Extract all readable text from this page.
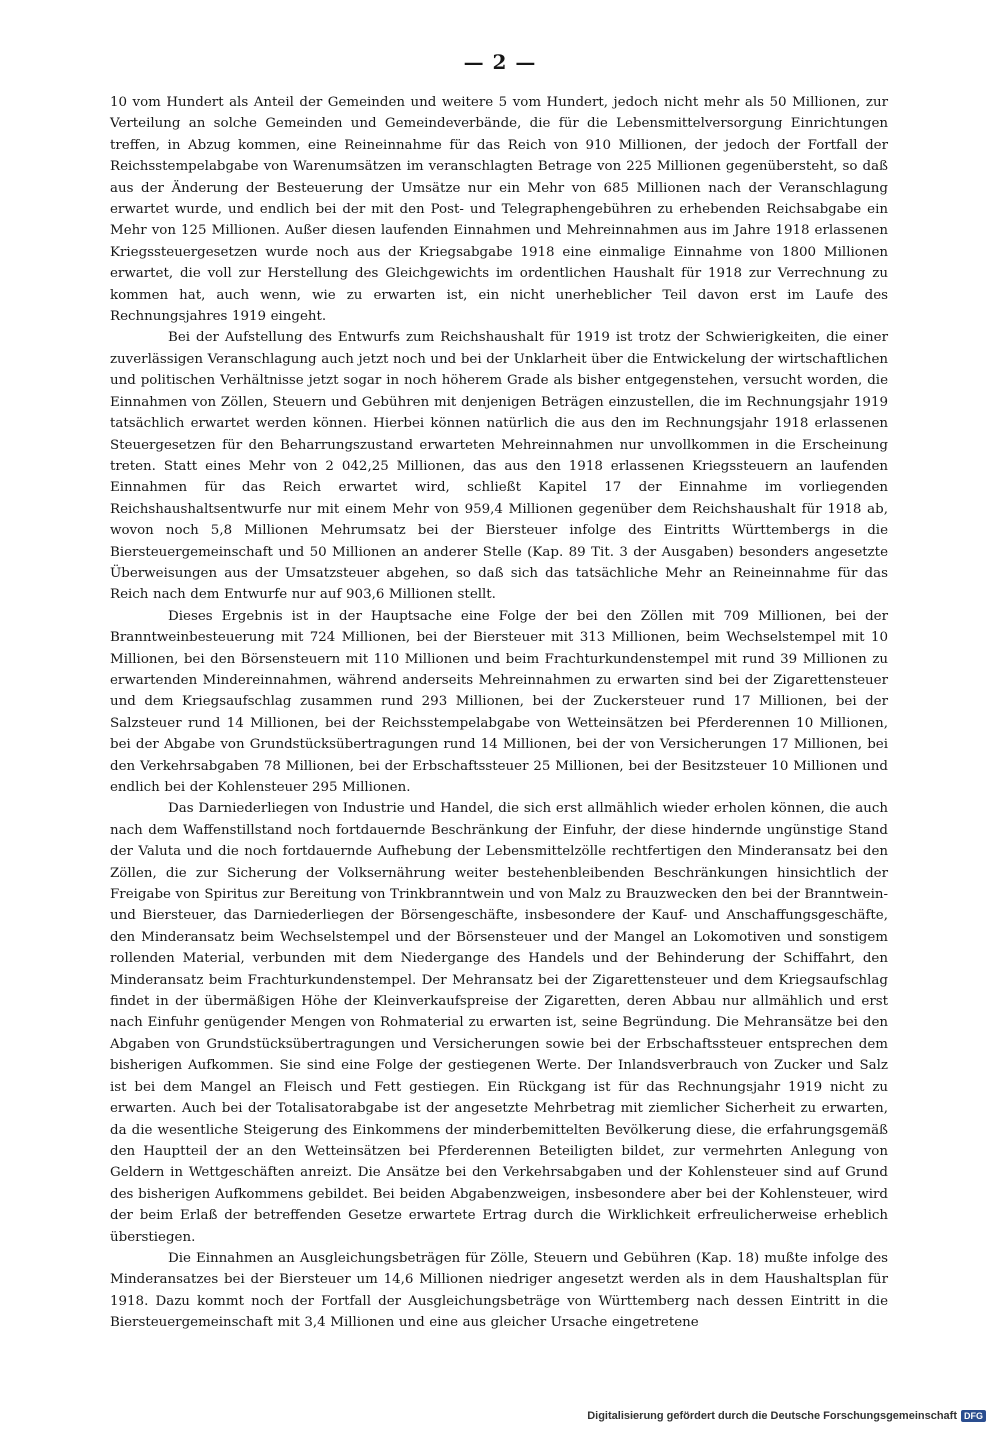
— 2 —

10 vom Hundert als Anteil der Gemeinden und weitere 5 vom Hundert, jedoch nicht mehr als 50 Millionen, zur Verteilung an solche Gemeinden und Gemeindeverbände, die für die Lebensmittelversorgung Einrichtungen treffen, in Abzug kommen, eine Reineinnahme für das Reich von 910 Millionen, der jedoch der Fortfall der Reichsstempelabgabe von Warenumsätzen im veranschlagten Betrage von 225 Millionen gegenübersteht, so daß aus der Änderung der Besteuerung der Umsätze nur ein Mehr von 685 Millionen nach der Veranschlagung erwartet wurde, und endlich bei der mit den Post- und Telegraphengebühren zu erhebenden Reichsabgabe ein Mehr von 125 Millionen. Außer diesen laufenden Einnahmen und Mehreinnahmen aus im Jahre 1918 erlassenen Kriegssteuergesetzen wurde noch aus der Kriegsabgabe 1918 eine einmalige Einnahme von 1800 Millionen erwartet, die voll zur Herstellung des Gleichgewichts im ordentlichen Haushalt für 1918 zur Verrechnung zu kommen hat, auch wenn, wie zu erwarten ist, ein nicht unerheblicher Teil davon erst im Laufe des Rechnungsjahres 1919 eingeht.

Bei der Aufstellung des Entwurfs zum Reichshaushalt für 1919 ist trotz der Schwierigkeiten, die einer zuverlässigen Veranschlagung auch jetzt noch und bei der Unklarheit über die Entwickelung der wirtschaftlichen und politischen Verhältnisse jetzt sogar in noch höherem Grade als bisher entgegenstehen, versucht worden, die Einnahmen von Zöllen, Steuern und Gebühren mit denjenigen Beträgen einzustellen, die im Rechnungsjahr 1919 tatsächlich erwartet werden können. Hierbei können natürlich die aus den im Rechnungsjahr 1918 erlassenen Steuergesetzen für den Beharrungszustand erwarteten Mehreinnahmen nur unvollkommen in die Erscheinung treten. Statt eines Mehr von 2 042,25 Millionen, das aus den 1918 erlassenen Kriegssteuern an laufenden Einnahmen für das Reich erwartet wird, schließt Kapitel 17 der Einnahme im vorliegenden Reichshaushaltsentwurfe nur mit einem Mehr von 959,4 Millionen gegenüber dem Reichshaushalt für 1918 ab, wovon noch 5,8 Millionen Mehrumsatz bei der Biersteuer infolge des Eintritts Württembergs in die Biersteuergemeinschaft und 50 Millionen an anderer Stelle (Kap. 89 Tit. 3 der Ausgaben) besonders angesetzte Überweisungen aus der Umsatzsteuer abgehen, so daß sich das tatsächliche Mehr an Reineinnahme für das Reich nach dem Entwurfe nur auf 903,6 Millionen stellt.

Dieses Ergebnis ist in der Hauptsache eine Folge der bei den Zöllen mit 709 Millionen, bei der Branntweinbesteuerung mit 724 Millionen, bei der Biersteuer mit 313 Millionen, beim Wechselstempel mit 10 Millionen, bei den Börsensteuern mit 110 Millionen und beim Frachturkundenstempel mit rund 39 Millionen zu erwartenden Mindereinnahmen, während anderseits Mehreinnahmen zu erwarten sind bei der Zigarettensteuer und dem Kriegsaufschlag zusammen rund 293 Millionen, bei der Zuckersteuer rund 17 Millionen, bei der Salzsteuer rund 14 Millionen, bei der Reichsstempelabgabe von Wetteinsätzen bei Pferderennen 10 Millionen, bei der Abgabe von Grundstücksübertragungen rund 14 Millionen, bei der von Versicherungen 17 Millionen, bei den Verkehrsabgaben 78 Millionen, bei der Erbschaftssteuer 25 Millionen, bei der Besitzsteuer 10 Millionen und endlich bei der Kohlensteuer 295 Millionen.

Das Darniederliegen von Industrie und Handel, die sich erst allmählich wieder erholen können, die auch nach dem Waffenstillstand noch fortdauernde Beschränkung der Einfuhr, der diese hindernde ungünstige Stand der Valuta und die noch fortdauernde Aufhebung der Lebensmittelzölle rechtfertigen den Minderansatz bei den Zöllen, die zur Sicherung der Volksernährung weiter bestehenbleibenden Beschränkungen hinsichtlich der Freigabe von Spiritus zur Bereitung von Trinkbranntwein und von Malz zu Brauzwecken den bei der Branntwein- und Biersteuer, das Darniederliegen der Börsengeschäfte, insbesondere der Kauf- und Anschaffungsgeschäfte, den Minderansatz beim Wechselstempel und der Börsensteuer und der Mangel an Lokomotiven und sonstigem rollenden Material, verbunden mit dem Niedergange des Handels und der Behinderung der Schiffahrt, den Minderansatz beim Frachturkundenstempel. Der Mehransatz bei der Zigarettensteuer und dem Kriegsaufschlag findet in der übermäßigen Höhe der Kleinverkaufspreise der Zigaretten, deren Abbau nur allmählich und erst nach Einfuhr genügender Mengen von Rohmaterial zu erwarten ist, seine Begründung. Die Mehransätze bei den Abgaben von Grundstücksübertragungen und Versicherungen sowie bei der Erbschaftssteuer entsprechen dem bisherigen Aufkommen. Sie sind eine Folge der gestiegenen Werte. Der Inlandsverbrauch von Zucker und Salz ist bei dem Mangel an Fleisch und Fett gestiegen. Ein Rückgang ist für das Rechnungsjahr 1919 nicht zu erwarten. Auch bei der Totalisatorabgabe ist der angesetzte Mehrbetrag mit ziemlicher Sicherheit zu erwarten, da die wesentliche Steigerung des Einkommens der minderbemittelten Bevölkerung diese, die erfahrungsgemäß den Hauptteil der an den Wetteinsätzen bei Pferderennen Beteiligten bildet, zur vermehrten Anlegung von Geldern in Wettgeschäften anreizt. Die Ansätze bei den Verkehrsabgaben und der Kohlensteuer sind auf Grund des bisherigen Aufkommens gebildet. Bei beiden Abgabenzweigen, insbesondere aber bei der Kohlensteuer, wird der beim Erlaß der betreffenden Gesetze erwartete Ertrag durch die Wirklichkeit erfreulicherweise erheblich überstiegen.

Die Einnahmen an Ausgleichungsbeträgen für Zölle, Steuern und Gebühren (Kap. 18) mußte infolge des Minderansatzes bei der Biersteuer um 14,6 Millionen niedriger angesetzt werden als in dem Haushaltsplan für 1918. Dazu kommt noch der Fortfall der Ausgleichungsbeträge von Württemberg nach dessen Eintritt in die Biersteuergemeinschaft mit 3,4 Millionen und eine aus gleicher Ursache eingetretene

Digitalisierung gefördert durch die Deutsche Forschungsgemeinschaft DFG
